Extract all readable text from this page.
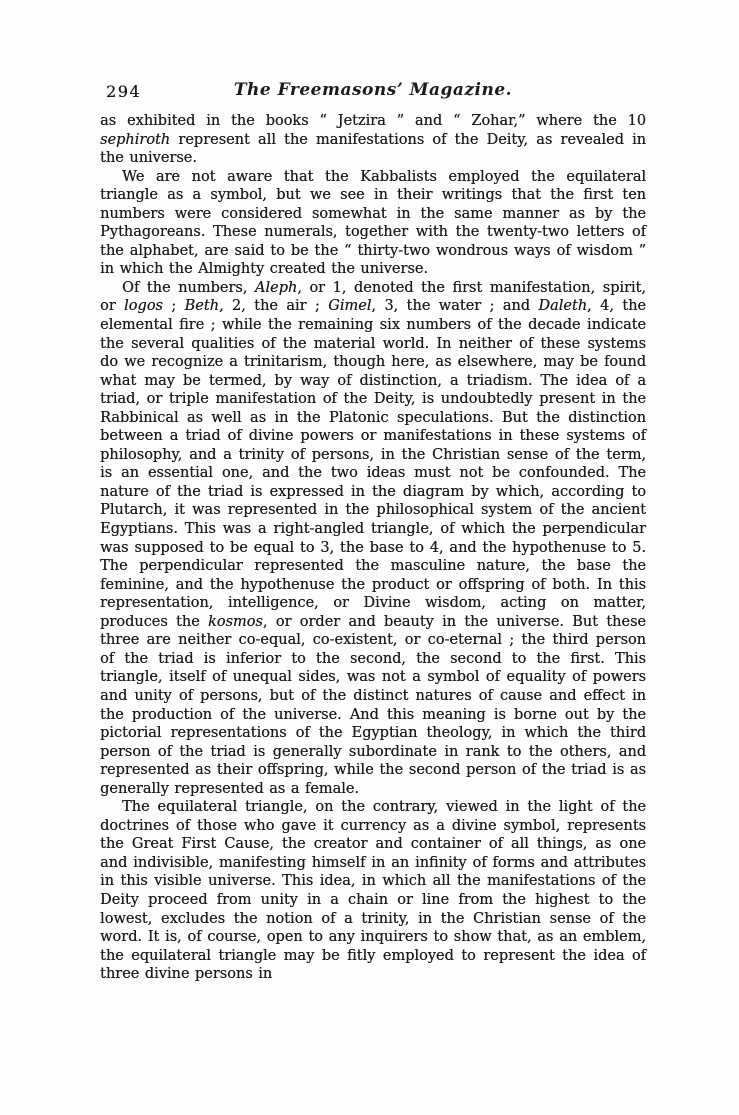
294	The Freemasons’ Magazine.

as exhibited in the books “ Jetzira ” and “ Zohar,” where the 10 sephiroth represent all the manifestations of the Deity, as revealed in the universe.

We are not aware that the Kabbalists employed the equilateral triangle as a symbol, but we see in their writings that the first ten numbers were considered somewhat in the same manner as by the Pythagoreans. These numerals, together with the twenty-two letters of the alphabet, are said to be the “ thirty-two wondrous ways of wisdom ” in which the Almighty created the universe.

Of the numbers, Aleph, or 1, denoted the first manifestation, spirit, or logos ; Beth, 2, the air ; Gimel, 3, the water ; and Daleth, 4, the elemental fire ; while the remaining six numbers of the decade indicate the several qualities of the material world. In neither of these systems do we recognize a trinitarism, though here, as elsewhere, may be found what may be termed, by way of distinction, a triadism. The idea of a triad, or triple manifestation of the Deity, is undoubtedly present in the Rabbinical as well as in the Platonic speculations. But the distinction between a triad of divine powers or manifestations in these systems of philosophy, and a trinity of persons, in the Christian sense of the term, is an essential one, and the two ideas must not be confounded. The nature of the triad is expressed in the diagram by which, according to Plutarch, it was represented in the philosophical system of the ancient Egyptians. This was a right-angled triangle, of which the perpendicular was supposed to be equal to 3, the base to 4, and the hypothenuse to 5. The perpendicular represented the masculine nature, the base the feminine, and the hypothenuse the product or offspring of both. In this representation, intelligence, or Divine wisdom, acting on matter, produces the kosmos, or order and beauty in the universe. But these three are neither co-equal, co-existent, or co-eternal ; the third person of the triad is inferior to the second, the second to the first. This triangle, itself of unequal sides, was not a symbol of equality of powers and unity of persons, but of the distinct natures of cause and effect in the production of the universe. And this meaning is borne out by the pictorial representations of the Egyptian theology, in which the third person of the triad is generally subordinate in rank to the others, and represented as their offspring, while the second person of the triad is as generally represented as a female.

The equilateral triangle, on the contrary, viewed in the light of the doctrines of those who gave it currency as a divine symbol, represents the Great First Cause, the creator and container of all things, as one and indivisible, manifesting himself in an infinity of forms and attributes in this visible universe. This idea, in which all the manifestations of the Deity proceed from unity in a chain or line from the highest to the lowest, excludes the notion of a trinity, in the Christian sense of the word. It is, of course, open to any inquirers to show that, as an emblem, the equilateral triangle may be fitly employed to represent the idea of three divine persons in
